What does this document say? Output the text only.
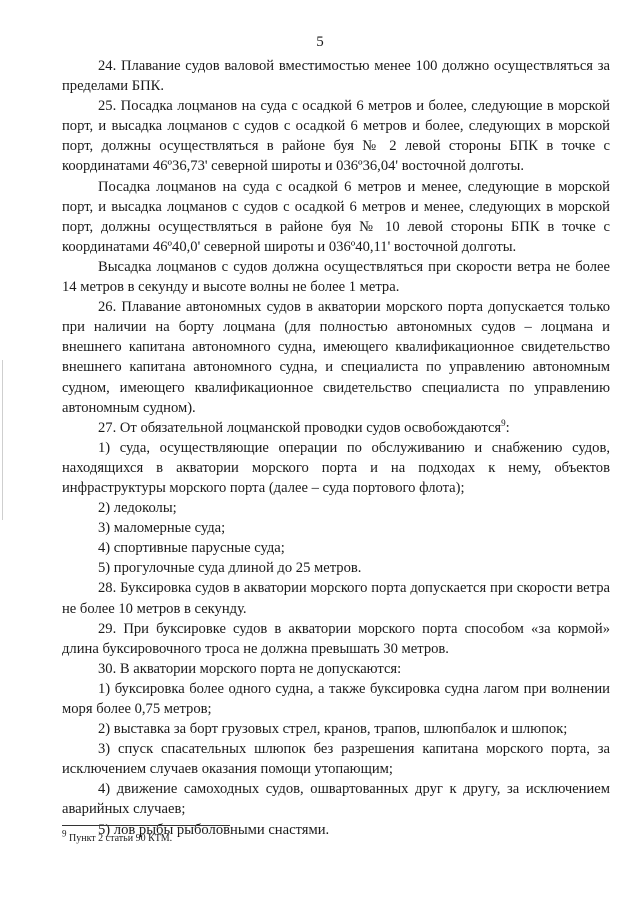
5

24. Плавание судов валовой вместимостью менее 100 должно осуществляться за пределами БПК.

25. Посадка лоцманов на суда с осадкой 6 метров и более, следующие в морской порт, и высадка лоцманов с судов с осадкой 6 метров и более, следующих в морской порт, должны осуществляться в районе буя № 2 левой стороны БПК в точке с координатами 46º36,73' северной широты и 036º36,04' восточной долготы.

Посадка лоцманов на суда с осадкой 6 метров и менее, следующие в морской порт, и высадка лоцманов с судов с осадкой 6 метров и менее, следующих в морской порт, должны осуществляться в районе буя № 10 левой стороны БПК в точке с координатами 46º40,0' северной широты и 036º40,11' восточной долготы.

Высадка лоцманов с судов должна осуществляться при скорости ветра не более 14 метров в секунду и высоте волны не более 1 метра.

26. Плавание автономных судов в акватории морского порта допускается только при наличии на борту лоцмана (для полностью автономных судов – лоцмана и внешнего капитана автономного судна, имеющего квалификационное свидетельство внешнего капитана автономного судна, и специалиста по управлению автономным судном, имеющего квалификационное свидетельство специалиста по управлению автономным судном).

27. От обязательной лоцманской проводки судов освобождаются$^9$:

1) суда, осуществляющие операции по обслуживанию и снабжению судов, находящихся в акватории морского порта и на подходах к нему, объектов инфраструктуры морского порта (далее – суда портового флота);

2) ледоколы;

3) маломерные суда;

4) спортивные парусные суда;

5) прогулочные суда длиной до 25 метров.

28. Буксировка судов в акватории морского порта допускается при скорости ветра не более 10 метров в секунду.

29. При буксировке судов в акватории морского порта способом «за кормой» длина буксировочного троса не должна превышать 30 метров.

30. В акватории морского порта не допускаются:

1) буксировка более одного судна, а также буксировка судна лагом при волнении моря более 0,75 метров;

2) выставка за борт грузовых стрел, кранов, трапов, шлюпбалок и шлюпок;

3) спуск спасательных шлюпок без разрешения капитана морского порта, за исключением случаев оказания помощи утопающим;

4) движение самоходных судов, ошвартованных друг к другу, за исключением аварийных случаев;

5) лов рыбы рыболовными снастями.

$^9$ Пункт 2 статьи 90 КТМ.
